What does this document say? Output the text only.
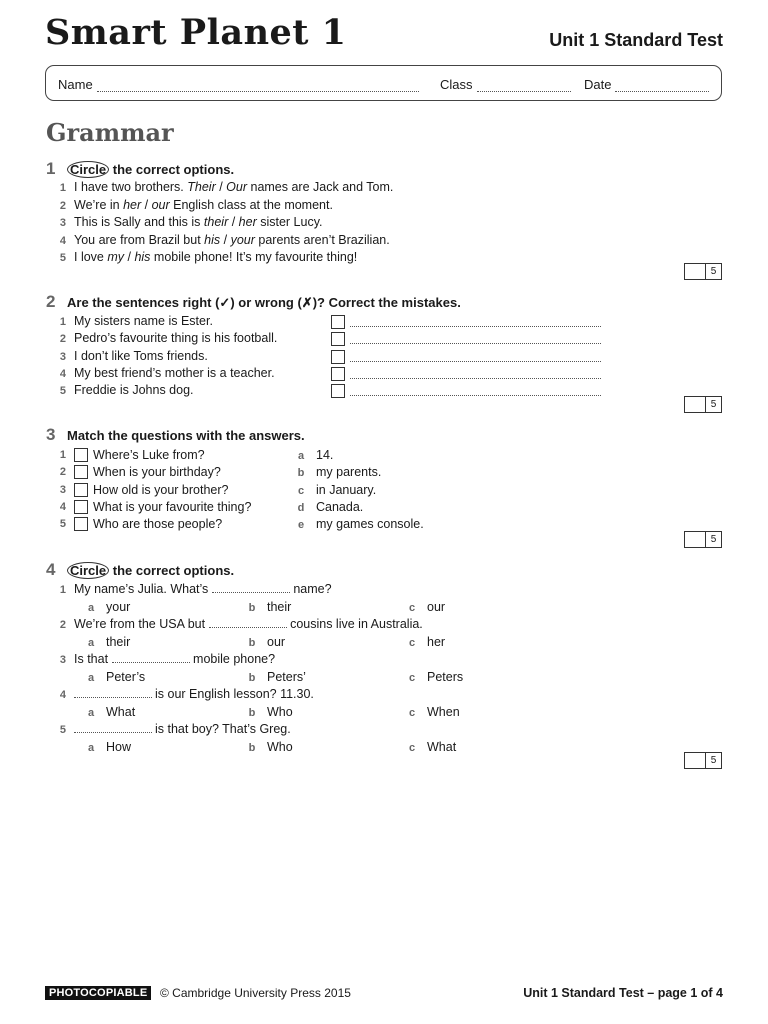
Smart Planet 1	Unit 1 Standard Test
Name	Class	Date
Grammar
1 Circle the correct options.
1 I have two brothers. Their / Our names are Jack and Tom.
2 We’re in her / our English class at the moment.
3 This is Sally and this is their / her sister Lucy.
4 You are from Brazil but his / your parents aren’t Brazilian.
5 I love my / his mobile phone! It’s my favourite thing!
5
2 Are the sentences right (✓) or wrong (✗)? Correct the mistakes.
1 My sisters name is Ester.
2 Pedro’s favourite thing is his football.
3 I don’t like Toms friends.
4 My best friend’s mother is a teacher.
5 Freddie is Johns dog.
5
3 Match the questions with the answers.
1 Where’s Luke from?	a 14.
2 When is your birthday?	b my parents.
3 How old is your brother?	c in January.
4 What is your favourite thing?	d Canada.
5 Who are those people?	e my games console.
5
4 Circle the correct options.
1 My name’s Julia. What’s	name?
a your	b their	c our
2 We’re from the USA but	cousins live in Australia.
a their	b our	c her
3 Is that	mobile phone?
a Peter’s	b Peters’	c Peters
4	is our English lesson? 11.30.
a What	b Who	c When
5	is that boy? That’s Greg.
a How	b Who	c What
5
PHOTOCOPIABLE	© Cambridge University Press 2015	Unit 1 Standard Test – page 1 of 4
